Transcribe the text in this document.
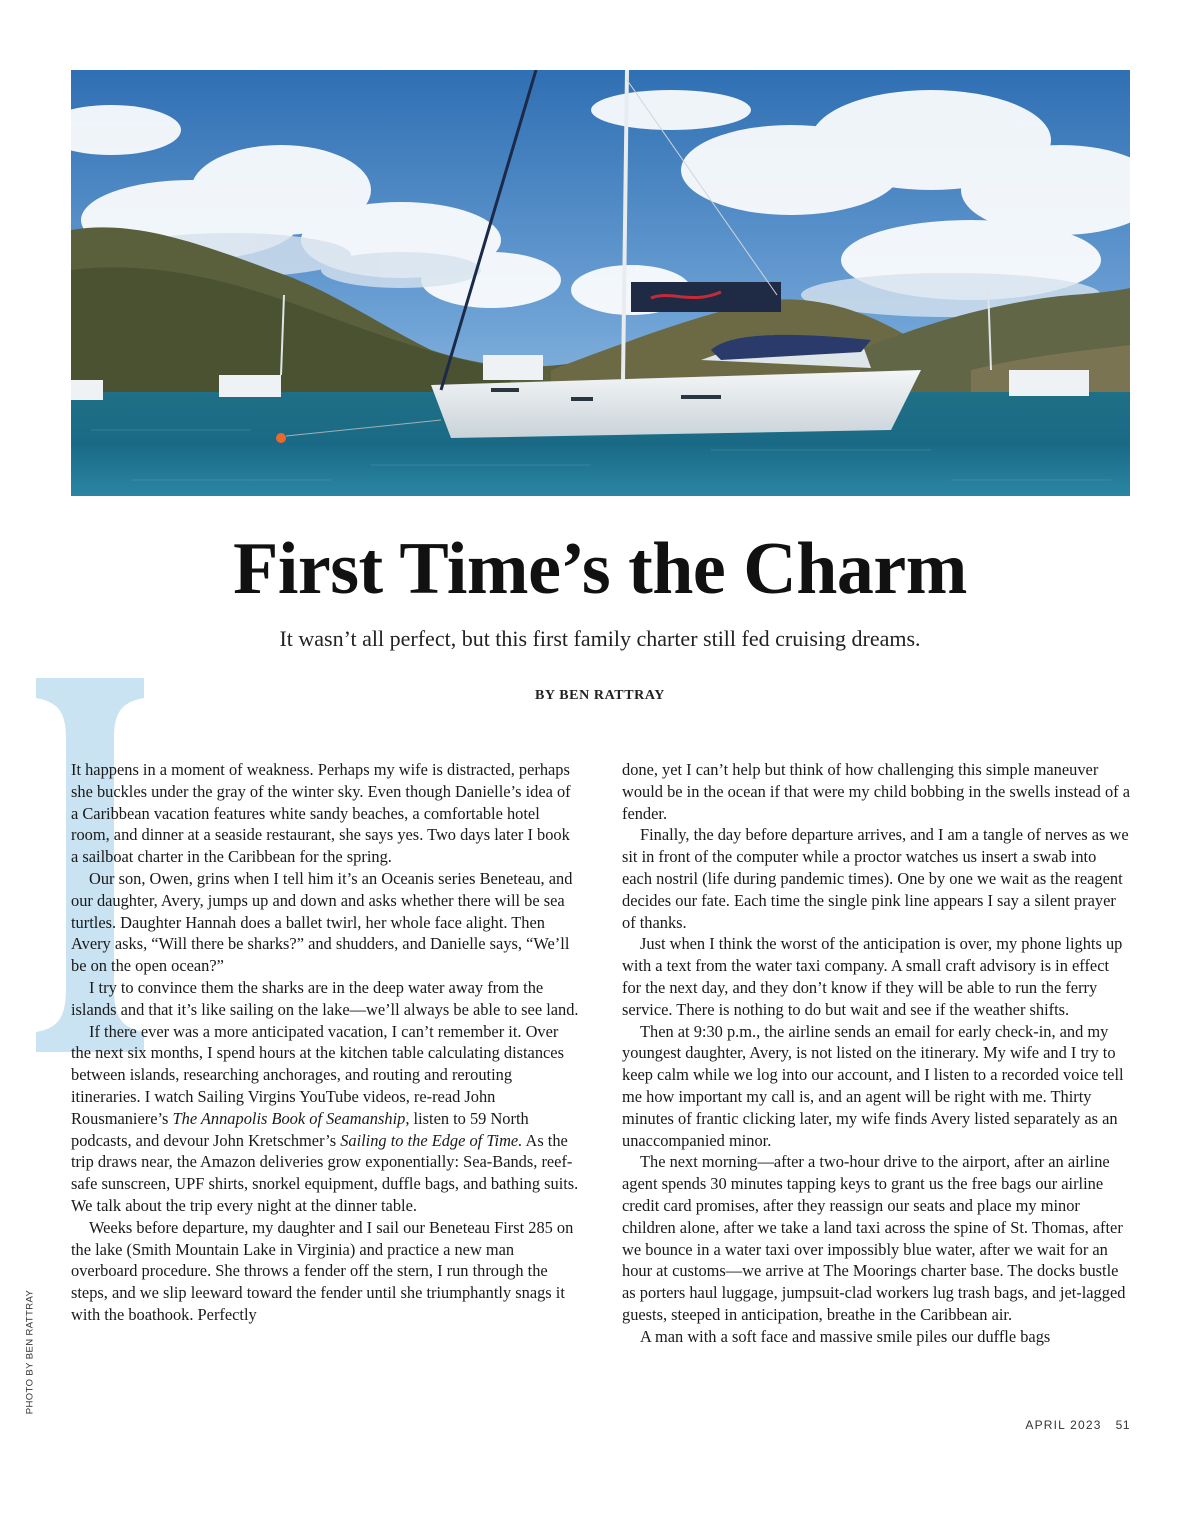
First Time’s the Charm
It wasn’t all perfect, but this first family charter still fed cruising dreams.
BY BEN RATTRAY

It happens in a moment of weakness. Perhaps my wife is distracted, perhaps she buckles under the gray of the winter sky. Even though Danielle’s idea of a Caribbean vacation features white sandy beaches, a comfortable hotel room, and dinner at a seaside restaurant, she says yes. Two days later I book a sailboat charter in the Caribbean for the spring.

Our son, Owen, grins when I tell him it’s an Oceanis series Beneteau, and our daughter, Avery, jumps up and down and asks whether there will be sea turtles. Daughter Hannah does a ballet twirl, her whole face alight. Then Avery asks, “Will there be sharks?” and shudders, and Danielle says, “We’ll be on the open ocean?”

I try to convince them the sharks are in the deep water away from the islands and that it’s like sailing on the lake—we’ll always be able to see land.

If there ever was a more anticipated vacation, I can’t remember it. Over the next six months, I spend hours at the kitchen table calculating distances between islands, researching anchorages, and routing and rerouting itineraries. I watch Sailing Virgins YouTube videos, re-read John Rousmaniere’s The Annapolis Book of Seamanship, listen to 59 North podcasts, and devour John Kretschmer’s Sailing to the Edge of Time. As the trip draws near, the Amazon deliveries grow exponentially: Sea-Bands, reef-safe sunscreen, UPF shirts, snorkel equipment, duffle bags, and bathing suits. We talk about the trip every night at the dinner table.

Weeks before departure, my daughter and I sail our Beneteau First 285 on the lake (Smith Mountain Lake in Virginia) and practice a new man overboard procedure. She throws a fender off the stern, I run through the steps, and we slip leeward toward the fender until she triumphantly snags it with the boathook. Perfectly

done, yet I can’t help but think of how challenging this simple maneuver would be in the ocean if that were my child bobbing in the swells instead of a fender.

Finally, the day before departure arrives, and I am a tangle of nerves as we sit in front of the computer while a proctor watches us insert a swab into each nostril (life during pandemic times). One by one we wait as the reagent decides our fate. Each time the single pink line appears I say a silent prayer of thanks.

Just when I think the worst of the anticipation is over, my phone lights up with a text from the water taxi company. A small craft advisory is in effect for the next day, and they don’t know if they will be able to run the ferry service. There is nothing to do but wait and see if the weather shifts.

Then at 9:30 p.m., the airline sends an email for early check-in, and my youngest daughter, Avery, is not listed on the itinerary. My wife and I try to keep calm while we log into our account, and I listen to a recorded voice tell me how important my call is, and an agent will be right with me. Thirty minutes of frantic clicking later, my wife finds Avery listed separately as an unaccompanied minor.

The next morning—after a two-hour drive to the airport, after an airline agent spends 30 minutes tapping keys to grant us the free bags our airline credit card promises, after they reassign our seats and place my minor children alone, after we take a land taxi across the spine of St. Thomas, after we bounce in a water taxi over impossibly blue water, after we wait for an hour at customs—we arrive at The Moorings charter base. The docks bustle as porters haul luggage, jumpsuit-clad workers lug trash bags, and jet-lagged guests, steeped in anticipation, breathe in the Caribbean air.

A man with a soft face and massive smile piles our duffle bags

PHOTO BY BEN RATTRAY
APRIL 2023 51
